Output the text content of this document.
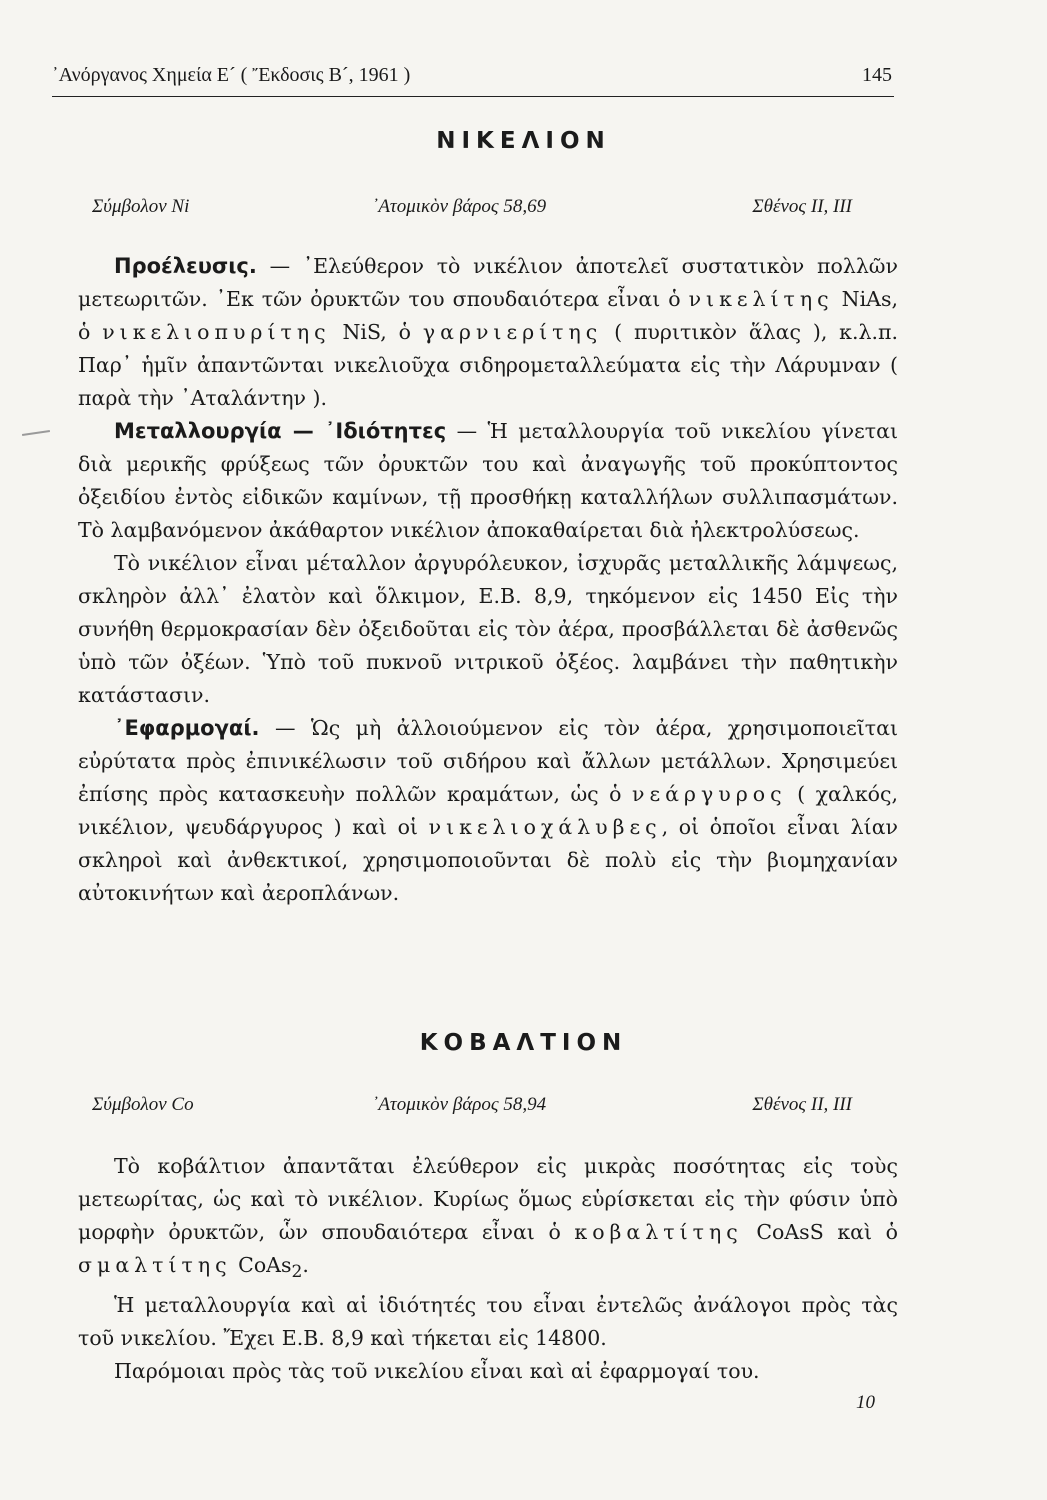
᾿Ανόργανος Χημεία Ε´ ( Ἔκδοσις Β´, 1961 )	145
ΝΙΚΕΛΙΟΝ
Σύμβολον Ni	᾿Ατομικὸν βάρος 58,69	Σθένος II, III

Προέλευσις. — ᾿Ελεύθερον τὸ νικέλιον ἀποτελεῖ συστατικὸν πολλῶν μετεωριτῶν. ᾿Εκ τῶν ὀρυκτῶν του σπουδαιότερα εἶναι ὁ νικελίτης NiAs, ὁ νικελιοπυρίτης NiS, ὁ γαρνιερίτης ( πυριτικὸν ἅλας ), κ.λ.π. Παρ᾿ ἡμῖν ἀπαντῶνται νικελιοῦχα σιδηρομεταλλεύματα εἰς τὴν Λάρυμναν ( παρὰ τὴν ᾿Αταλάντην ).

Μεταλλουργία — ᾿Ιδιότητες — Ἡ μεταλλουργία τοῦ νικελίου γίνεται διὰ μερικῆς φρύξεως τῶν ὀρυκτῶν του καὶ ἀναγωγῆς τοῦ προκύπτοντος ὀξειδίου ἐντὸς εἰδικῶν καμίνων, τῇ προσθήκῃ καταλλήλων συλλιπασμάτων. Τὸ λαμβανόμενον ἀκάθαρτον νικέλιον ἀποκαθαίρεται διὰ ἠλεκτρολύσεως.

Τὸ νικέλιον εἶναι μέταλλον ἀργυρόλευκον, ἰσχυρᾶς μεταλλικῆς λάμψεως, σκληρὸν ἀλλ᾿ ἐλατὸν καὶ ὅλκιμον, Ε.Β. 8,9, τηκόμενον εἰς 1450 Εἰς τὴν συνήθη θερμοκρασίαν δὲν ὀξειδοῦται εἰς τὸν ἀέρα, προσβάλλεται δὲ ἀσθενῶς ὑπὸ τῶν ὀξέων. Ὑπὸ τοῦ πυκνοῦ νιτρικοῦ ὀξέος. λαμβάνει τὴν παθητικὴν κατάστασιν.

᾿Εφαρμογαί. — Ὡς μὴ ἀλλοιούμενον εἰς τὸν ἀέρα, χρησιμοποιεῖται εὐρύτατα πρὸς ἐπινικέλωσιν τοῦ σιδήρου καὶ ἄλλων μετάλλων. Χρησιμεύει ἐπίσης πρὸς κατασκευὴν πολλῶν κραμάτων, ὡς ὁ νεάργυρος ( χαλκός, νικέλιον, ψευδάργυρος ) καὶ οἱ νικελιοχάλυβες, οἱ ὁποῖοι εἶναι λίαν σκληροὶ καὶ ἀνθεκτικοί, χρησιμοποιοῦνται δὲ πολὺ εἰς τὴν βιομηχανίαν αὐτοκινήτων καὶ ἀεροπλάνων.

ΚΟΒΑΛΤΙΟΝ
Σύμβολον Co	᾿Ατομικὸν βάρος 58,94	Σθένος II, III

Τὸ κοβάλτιον ἀπαντᾶται ἐλεύθερον εἰς μικρὰς ποσότητας εἰς τοὺς μετεωρίτας, ὡς καὶ τὸ νικέλιον. Κυρίως ὅμως εὑρίσκεται εἰς τὴν φύσιν ὑπὸ μορφὴν ὀρυκτῶν, ὧν σπουδαιότερα εἶναι ὁ κοβαλτίτης CoAsS καὶ ὁ σμαλτίτης CoAs$_2$.

Ἡ μεταλλουργία καὶ αἱ ἰδιότητές του εἶναι ἐντελῶς ἀνάλογοι πρὸς τὰς τοῦ νικελίου. Ἔχει Ε.Β. 8,9 καὶ τήκεται εἰς 14800.

Παρόμοιαι πρὸς τὰς τοῦ νικελίου εἶναι καὶ αἱ ἐφαρμογαί του.

10
